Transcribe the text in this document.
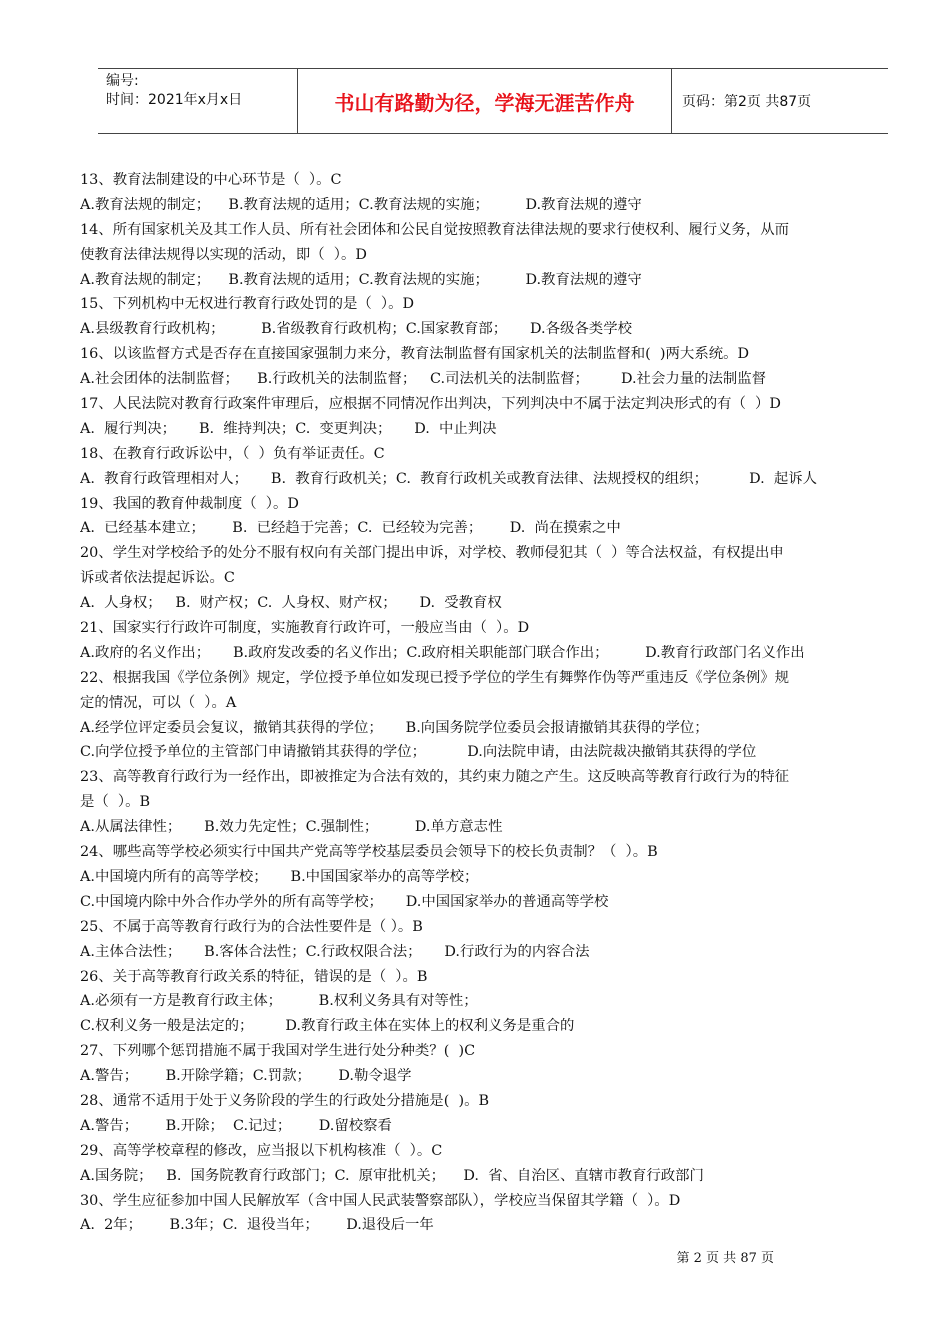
编号:
时间：2021年x月x日	书山有路勤为径，学海无涯苦作舟	页码：第2页 共87页
13、教育法制建设的中心环节是（  ）。C
A.教育法规的制定；    B.教育法规的适用；C.教育法规的实施；        D.教育法规的遵守
14、所有国家机关及其工作人员、所有社会团体和公民自觉按照教育法律法规的要求行使权利、履行义务，从而
使教育法律法规得以实现的活动，即（  ）。D
A.教育法规的制定；    B.教育法规的适用；C.教育法规的实施；        D.教育法规的遵守
15、下列机构中无权进行教育行政处罚的是（  ）。D
A.县级教育行政机构；        B.省级教育行政机构；C.国家教育部；     D.各级各类学校
16、以该监督方式是否存在直接国家强制力来分，教育法制监督有国家机关的法制监督和(  )两大系统。D
A.社会团体的法制监督；    B.行政机关的法制监督；   C.司法机关的法制监督；       D.社会力量的法制监督
17、人民法院对教育行政案件审理后，应根据不同情况作出判决，下列判决中不属于法定判决形式的有（  ）D
A.  履行判决；     B.  维持判决；C.  变更判决；     D.  中止判决
18、在教育行政诉讼中，（  ）负有举证责任。C
A.  教育行政管理相对人；     B.  教育行政机关；C.  教育行政机关或教育法律、法规授权的组织；         D.  起诉人
19、我国的教育仲裁制度（  ）。D
A.  已经基本建立；      B.  已经趋于完善；C.  已经较为完善；      D.  尚在摸索之中
20、学生对学校给予的处分不服有权向有关部门提出申诉，对学校、教师侵犯其（  ）等合法权益，有权提出申
诉或者依法提起诉讼。C
A.  人身权；   B.  财产权；C.  人身权、财产权；     D.  受教育权
21、国家实行行政许可制度，实施教育行政许可，一般应当由（  ）。D
A.政府的名义作出；     B.政府发改委的名义作出；C.政府相关职能部门联合作出；        D.教育行政部门名义作出
22、根据我国《学位条例》规定，学位授予单位如发现已授予学位的学生有舞弊作伪等严重违反《学位条例》规
定的情况，可以（  ）。A
A.经学位评定委员会复议，撤销其获得的学位；     B.向国务院学位委员会报请撤销其获得的学位；
C.向学位授予单位的主管部门申请撤销其获得的学位；         D.向法院申请，由法院裁决撤销其获得的学位
23、高等教育行政行为一经作出，即被推定为合法有效的，其约束力随之产生。这反映高等教育行政行为的特征
是（  ）。B
A.从属法律性；     B.效力先定性；C.强制性；        D.单方意志性
24、哪些高等学校必须实行中国共产党高等学校基层委员会领导下的校长负责制？（  ）。B
A.中国境内所有的高等学校；     B.中国国家举办的高等学校；
C.中国境内除中外合作办学外的所有高等学校；     D.中国国家举办的普通高等学校
25、不属于高等教育行政行为的合法性要件是（ ）。B
A.主体合法性；     B.客体合法性；C.行政权限合法；     D.行政行为的内容合法
26、关于高等教育行政关系的特征，错误的是（  ）。B
A.必须有一方是教育行政主体；        B.权利义务具有对等性；
C.权利义务一般是法定的；       D.教育行政主体在实体上的权利义务是重合的
27、下列哪个惩罚措施不属于我国对学生进行处分种类？(  )C
A.警告；      B.开除学籍；C.罚款；      D.勒令退学
28、通常不适用于处于义务阶段的学生的行政处分措施是(  )。B
A.警告；      B.开除；  C.记过；      D.留校察看
29、高等学校章程的修改，应当报以下机构核准（  ）。C
A.国务院；   B.  国务院教育行政部门；C.  原审批机关；    D.  省、自治区、直辖市教育行政部门
30、学生应征参加中国人民解放军（含中国人民武装警察部队），学校应当保留其学籍（  ）。D
A.  2年；      B.3年；C.  退役当年；      D.退役后一年
第 2 页 共 87 页
